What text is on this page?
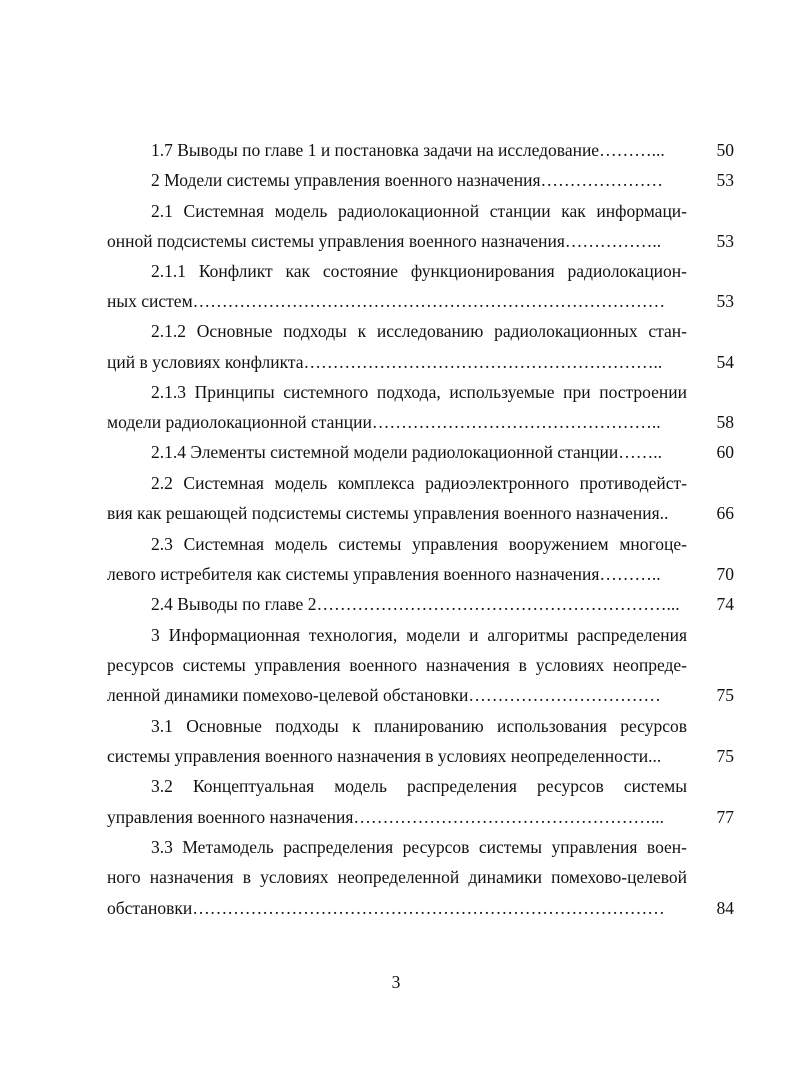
1.7 Выводы по главе 1 и постановка задачи на исследование………...	50
2 Модели системы управления военного назначения…………………	53
2.1 Системная модель радиолокационной станции как информаци-
онной подсистемы системы управления военного назначения……………..	53
2.1.1 Конфликт как состояние функционирования радиолокацион-
ных систем………………………………………………………………………	53
2.1.2 Основные подходы к исследованию радиолокационных стан-
ций в условиях конфликта……………………………………………………..	54
2.1.3 Принципы системного подхода, используемые при построении
модели радиолокационной станции…………………………………………..	58
2.1.4 Элементы системной модели радиолокационной станции……..	60
2.2 Системная модель комплекса радиоэлектронного противодейст-
вия как решающей подсистемы системы управления военного назначения..	66
2.3 Системная модель системы управления вооружением многоце-
левого истребителя как системы управления военного назначения………..	70
2.4 Выводы по главе 2……………………………………………………...	74
3 Информационная технология, модели и алгоритмы распределения
ресурсов системы управления военного назначения в условиях неопреде-
ленной динамики помехово-целевой обстановки……………………………	75
3.1 Основные подходы к планированию использования ресурсов
системы управления военного назначения в условиях неопределенности...	75
3.2 Концептуальная модель распределения ресурсов системы
управления военного назначения……………………………………………...	77
3.3 Метамодель распределения ресурсов системы управления воен-
ного назначения в условиях неопределенной динамики помехово-целевой
обстановки………………………………………………………………………	84
3
